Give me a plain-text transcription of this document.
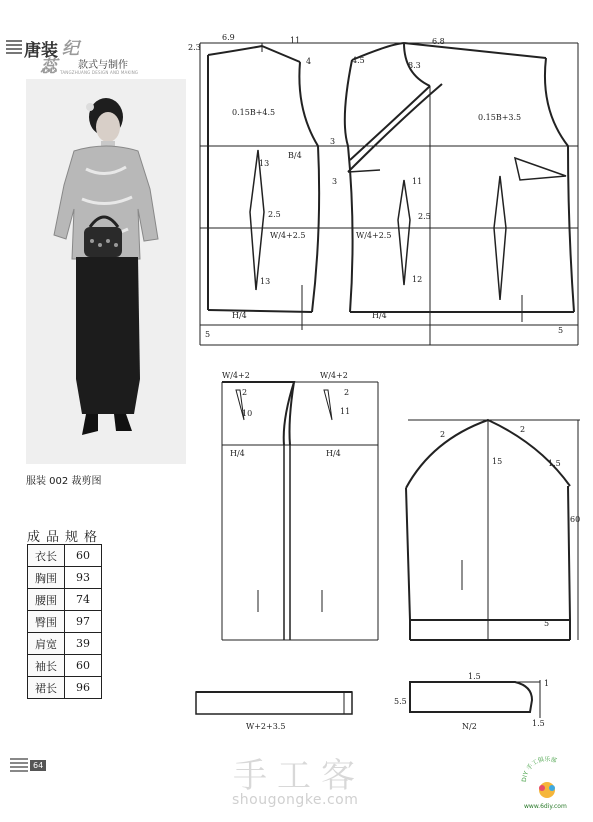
唐装 纪
蕊 款式与制作
TANGZHUANG DESIGN AND MAKING
服装 002 裁剪图
成品规格
衣长	60
胸围	93
腰围	74
臀围	97
肩宽	39
袖长	60
裙长	96
2.3
6.9	11	6.8
4	4.5
8.3
0.15B+4.5
0.15B+3.5
B/4
3
3
13
13
2.5	2.5
11
12
W/4+2.5	W/4+2.5
H/4	H/4
5	5
W/4+2	W/4+2
2	2
10	11
H/4	H/4
2
2
15	1.5
60
5
W+2+3.5
1.5
1
5.5
N/2	1.5
64	手工客
shougongke.com
DIY 手工俱乐部
www.6diy.com
